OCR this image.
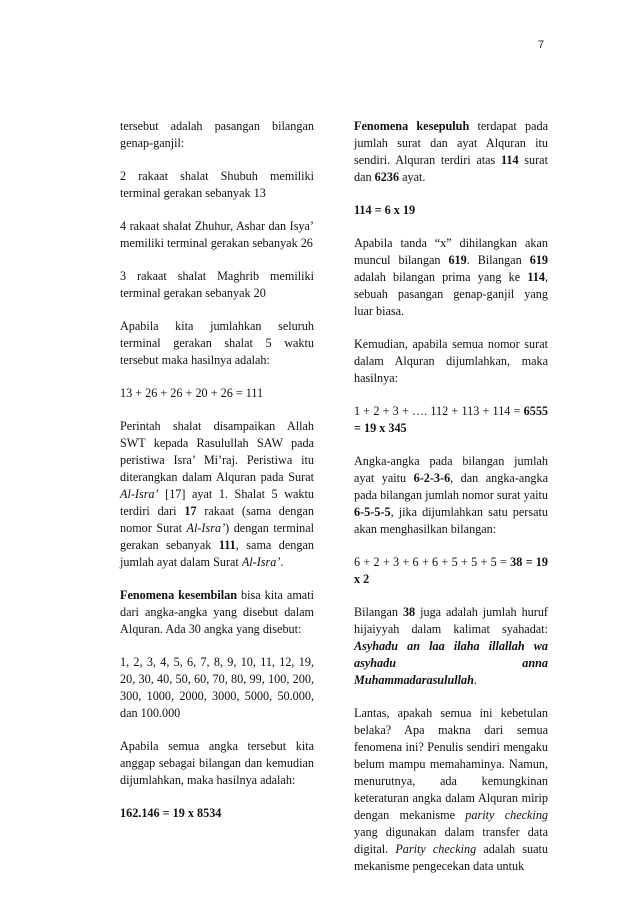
7

tersebut adalah pasangan bilangan genap-ganjil:

2 rakaat shalat Shubuh memiliki terminal gerakan sebanyak 13

4 rakaat shalat Zhuhur, Ashar dan Isya’ memiliki terminal gerakan sebanyak 26

3 rakaat shalat Maghrib memiliki terminal gerakan sebanyak 20

Apabila kita jumlahkan seluruh terminal gerakan shalat 5 waktu tersebut maka hasilnya adalah:

13 + 26 + 26 + 20 + 26 = 111

Perintah shalat disampaikan Allah SWT kepada Rasulullah SAW pada peristiwa Isra’ Mi’raj. Peristiwa itu diterangkan dalam Alquran pada Surat Al-Isra’ [17] ayat 1. Shalat 5 waktu terdiri dari 17 rakaat (sama dengan nomor Surat Al-Isra’) dengan terminal gerakan sebanyak 111, sama dengan jumlah ayat dalam Surat Al-Isra’.

Fenomena kesembilan bisa kita amati dari angka-angka yang disebut dalam Alquran. Ada 30 angka yang disebut:

1, 2, 3, 4, 5, 6, 7, 8, 9, 10, 11, 12, 19, 20, 30, 40, 50, 60, 70, 80, 99, 100, 200, 300, 1000, 2000, 3000, 5000, 50.000, dan 100.000

Apabila semua angka tersebut kita anggap sebagai bilangan dan kemudian dijumlahkan, maka hasilnya adalah:

162.146 = 19 x 8534

Fenomena kesepuluh terdapat pada jumlah surat dan ayat Alquran itu sendiri. Alquran terdiri atas 114 surat dan 6236 ayat.

114 = 6 x 19

Apabila tanda “x” dihilangkan akan muncul bilangan 619. Bilangan 619 adalah bilangan prima yang ke 114, sebuah pasangan genap-ganjil yang luar biasa.

Kemudian, apabila semua nomor surat dalam Alquran dijumlahkan, maka hasilnya:

1 + 2 + 3 + …. 112 + 113 + 114 = 6555 = 19 x 345

Angka-angka pada bilangan jumlah ayat yaitu 6-2-3-6, dan angka-angka pada bilangan jumlah nomor surat yaitu 6-5-5-5, jika dijumlahkan satu persatu akan menghasilkan bilangan:

6 + 2 + 3 + 6 + 6 + 5 + 5 + 5 = 38 = 19 x 2

Bilangan 38 juga adalah jumlah huruf hijaiyyah dalam kalimat syahadat: Asyhadu an laa ilaha illallah wa asyhadu anna Muhammadarasulullah.

Lantas, apakah semua ini kebetulan belaka? Apa makna dari semua fenomena ini? Penulis sendiri mengaku belum mampu memahaminya. Namun, menurutnya, ada kemungkinan keteraturan angka dalam Alquran mirip dengan mekanisme parity checking yang digunakan dalam transfer data digital. Parity checking adalah suatu mekanisme pengecekan data untuk
